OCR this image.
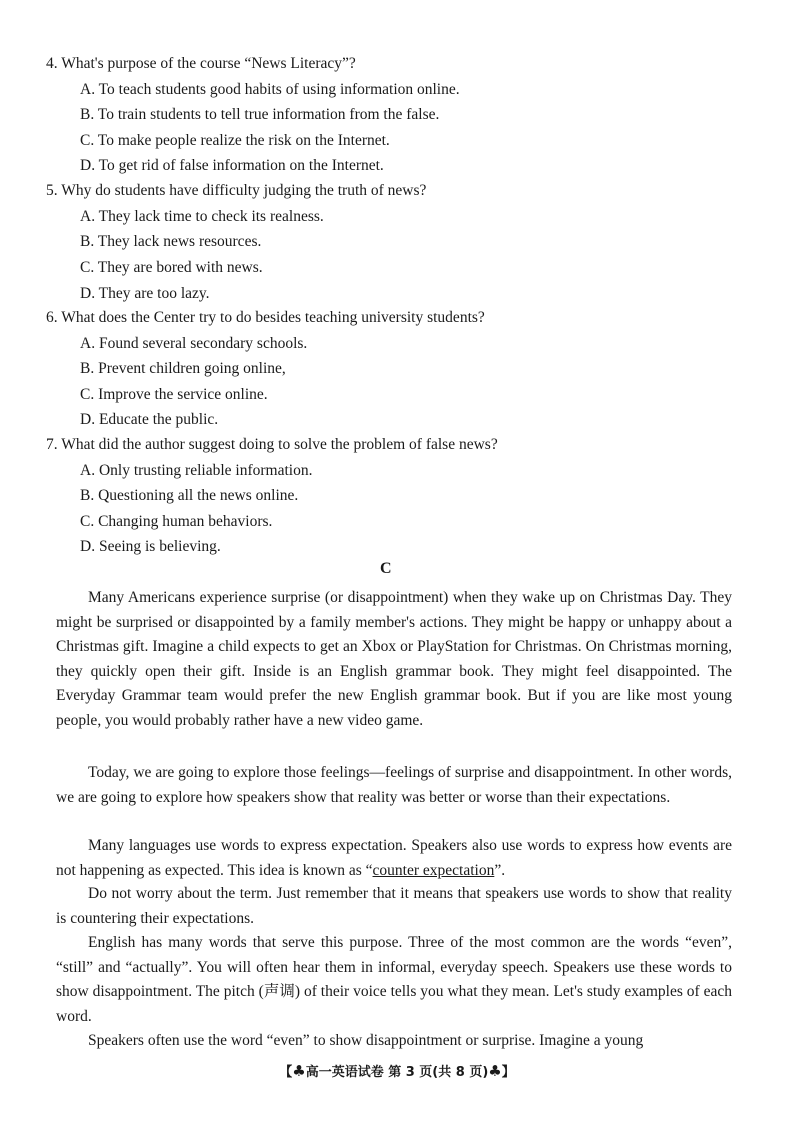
4. What's purpose of the course “News Literacy”?
A. To teach students good habits of using information online.
B. To train students to tell true information from the false.
C. To make people realize the risk on the Internet.
D. To get rid of false information on the Internet.
5. Why do students have difficulty judging the truth of news?
A. They lack time to check its realness.
B. They lack news resources.
C. They are bored with news.
D. They are too lazy.
6. What does the Center try to do besides teaching university students?
A. Found several secondary schools.
B. Prevent children going online,
C. Improve the service online.
D. Educate the public.
7. What did the author suggest doing to solve the problem of false news?
A. Only trusting reliable information.
B. Questioning all the news online.
C. Changing human behaviors.
D. Seeing is believing.
C
Many Americans experience surprise (or disappointment) when they wake up on Christmas Day. They might be surprised or disappointed by a family member's actions. They might be happy or unhappy about a Christmas gift. Imagine a child expects to get an Xbox or PlayStation for Christmas. On Christmas morning, they quickly open their gift. Inside is an English grammar book. They might feel disappointed. The Everyday Grammar team would prefer the new English grammar book. But if you are like most young people, you would probably rather have a new video game.
Today, we are going to explore those feelings—feelings of surprise and disappointment. In other words, we are going to explore how speakers show that reality was better or worse than their expectations.
Many languages use words to express expectation. Speakers also use words to express how events are not happening as expected. This idea is known as “counter expectation”.
Do not worry about the term. Just remember that it means that speakers use words to show that reality is countering their expectations.
English has many words that serve this purpose. Three of the most common are the words “even”, “still” and “actually”. You will often hear them in informal, everyday speech. Speakers use these words to show disappointment. The pitch (声调) of their voice tells you what they mean. Let's study examples of each word.
Speakers often use the word “even” to show disappointment or surprise. Imagine a young
【♣高一英语试卷 第 3 页(共 8 页)♣】
